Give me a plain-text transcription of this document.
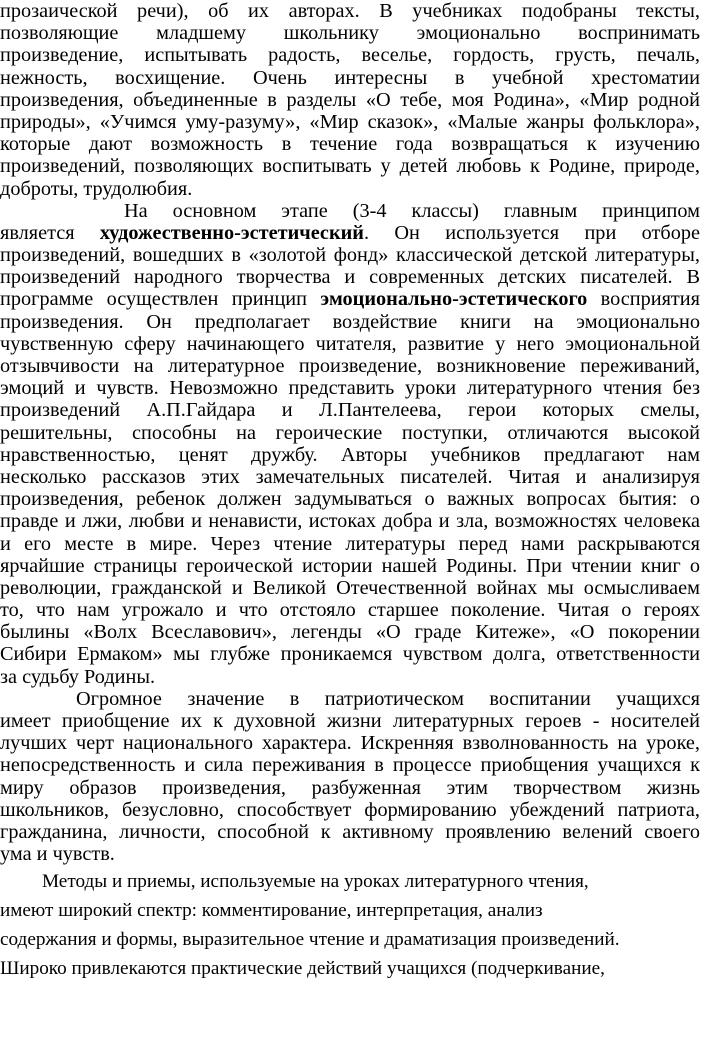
прозаической речи), об их авторах. В учебниках подобраны тексты,
позволяющие младшему школьнику эмоционально воспринимать
произведение, испытывать радость, веселье, гордость, грусть, печаль,
нежность, восхищение. Очень интересны в учебной хрестоматии
произведения, объединенные в разделы «О тебе, моя Родина», «Мир родной
природы», «Учимся уму-разуму», «Мир сказок», «Малые жанры фольклора»,
которые дают возможность в течение года возвращаться к изучению
произведений, позволяющих воспитывать у детей любовь к Родине, природе,
доброты, трудолюбия.
На основном этапе (3-4 классы) главным принципом
является художественно-эстетический. Он используется при отборе
произведений, вошедших в «золотой фонд» классической детской литературы,
произведений народного творчества и современных детских писателей. В
программе осуществлен принцип эмоционально-эстетического восприятия
произведения. Он предполагает воздействие книги на эмоционально
чувственную сферу начинающего читателя, развитие у него эмоциональной
отзывчивости на литературное произведение, возникновение переживаний,
эмоций и чувств. Невозможно представить уроки литературного чтения без
произведений А.П.Гайдара и Л.Пантелеева, герои которых смелы,
решительны, способны на героические поступки, отличаются высокой
нравственностью, ценят дружбу. Авторы учебников предлагают нам
несколько рассказов этих замечательных писателей. Читая и анализируя
произведения, ребенок должен задумываться о важных вопросах бытия: о
правде и лжи, любви и ненависти, истоках добра и зла, возможностях человека
и его месте в мире. Через чтение литературы перед нами раскрываются
ярчайшие страницы героической истории нашей Родины. При чтении книг о
революции, гражданской и Великой Отечественной войнах мы осмысливаем
то, что нам угрожало и что отстояло старшее поколение. Читая о героях
былины «Волх Всеславович», легенды «О граде Китеже», «О покорении
Сибири Ермаком» мы глубже проникаемся чувством долга, ответственности
за судьбу Родины.
Огромное значение в патриотическом воспитании учащихся
имеет приобщение их к духовной жизни литературных героев - носителей
лучших черт национального характера. Искренняя взволнованность на уроке,
непосредственность и сила переживания в процессе приобщения учащихся к
миру образов произведения, разбуженная этим творчеством жизнь
школьников, безусловно, способствует формированию убеждений патриота,
гражданина, личности, способной к активному проявлению велений своего
ума и чувств.
Методы и приемы, используемые на уроках литературного чтения,
имеют широкий спектр: комментирование, интерпретация, анализ
содержания и формы, выразительное чтение и драматизация произведений.
Широко привлекаются практические действий учащихся (подчеркивание,
